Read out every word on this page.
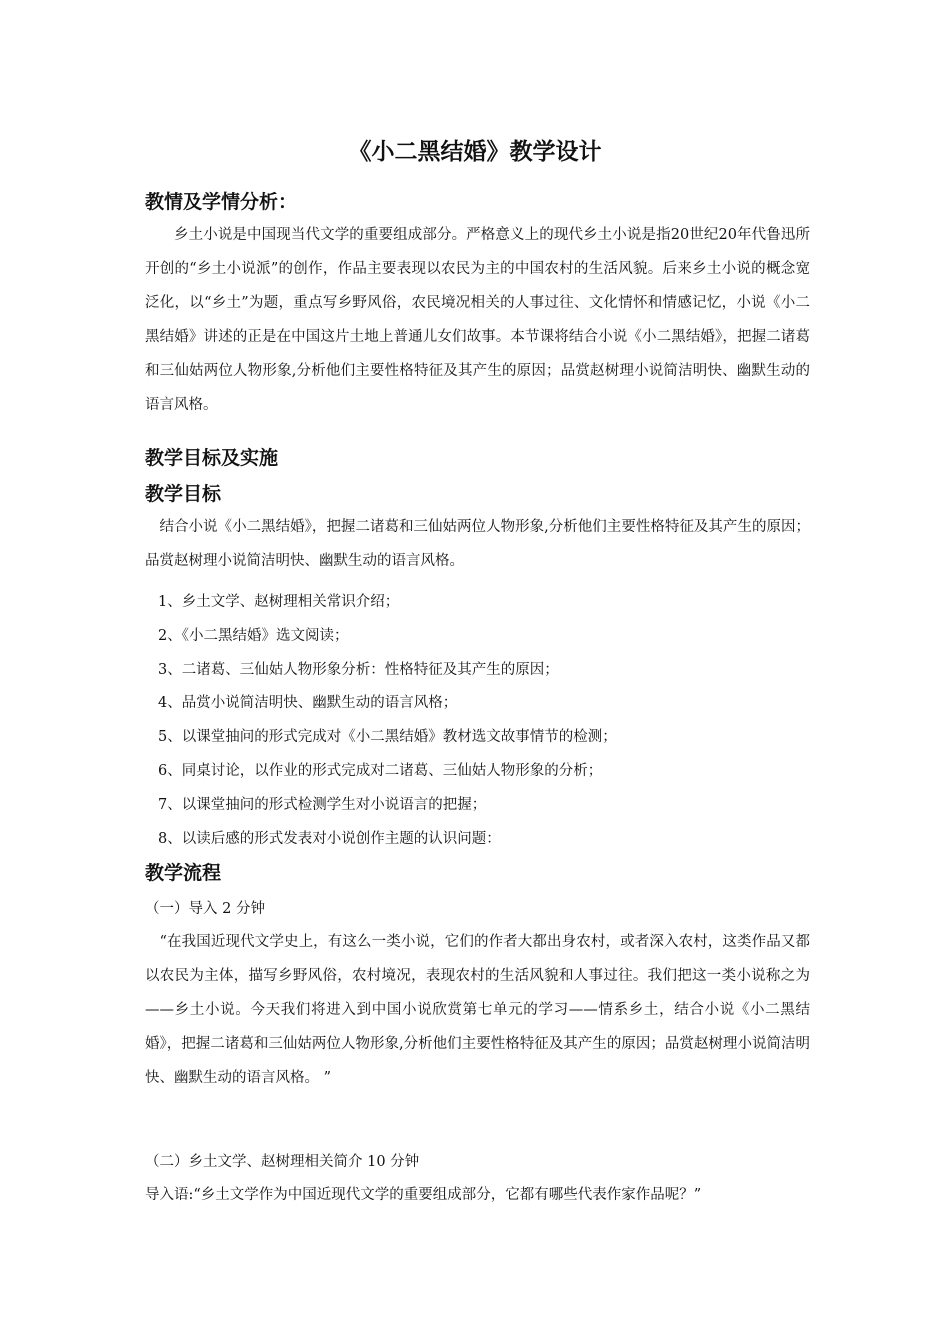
《小二黑结婚》教学设计
教情及学情分析：
乡土小说是中国现当代文学的重要组成部分。严格意义上的现代乡土小说是指20世纪20年代鲁迅所开创的“乡土小说派”的创作，作品主要表现以农民为主的中国农村的生活风貌。后来乡土小说的概念宽泛化，以“乡土”为题，重点写乡野风俗，农民境况相关的人事过往、文化情怀和情感记忆，小说《小二黑结婚》讲述的正是在中国这片土地上普通儿女们故事。本节课将结合小说《小二黑结婚》，把握二诸葛和三仙姑两位人物形象,分析他们主要性格特征及其产生的原因；品赏赵树理小说简洁明快、幽默生动的语言风格。
教学目标及实施
教学目标
结合小说《小二黑结婚》，把握二诸葛和三仙姑两位人物形象,分析他们主要性格特征及其产生的原因；品赏赵树理小说简洁明快、幽默生动的语言风格。
1、乡土文学、赵树理相关常识介绍；
2、《小二黑结婚》选文阅读；
3、二诸葛、三仙姑人物形象分析：性格特征及其产生的原因；
4、品赏小说简洁明快、幽默生动的语言风格；
5、以课堂抽问的形式完成对《小二黑结婚》教材选文故事情节的检测；
6、同桌讨论，以作业的形式完成对二诸葛、三仙姑人物形象的分析；
7、以课堂抽问的形式检测学生对小说语言的把握；
8、以读后感的形式发表对小说创作主题的认识问题：
教学流程
（一）导入 2 分钟
“在我国近现代文学史上，有这么一类小说，它们的作者大都出身农村，或者深入农村，这类作品又都以农民为主体，描写乡野风俗，农村境况，表现农村的生活风貌和人事过往。我们把这一类小说称之为——乡土小说。今天我们将进入到中国小说欣赏第七单元的学习——情系乡土，结合小说《小二黑结婚》，把握二诸葛和三仙姑两位人物形象,分析他们主要性格特征及其产生的原因；品赏赵树理小说简洁明快、幽默生动的语言风格。 ”
（二）乡土文学、赵树理相关简介 10 分钟
导入语:“乡土文学作为中国近现代文学的重要组成部分，它都有哪些代表作家作品呢？”
